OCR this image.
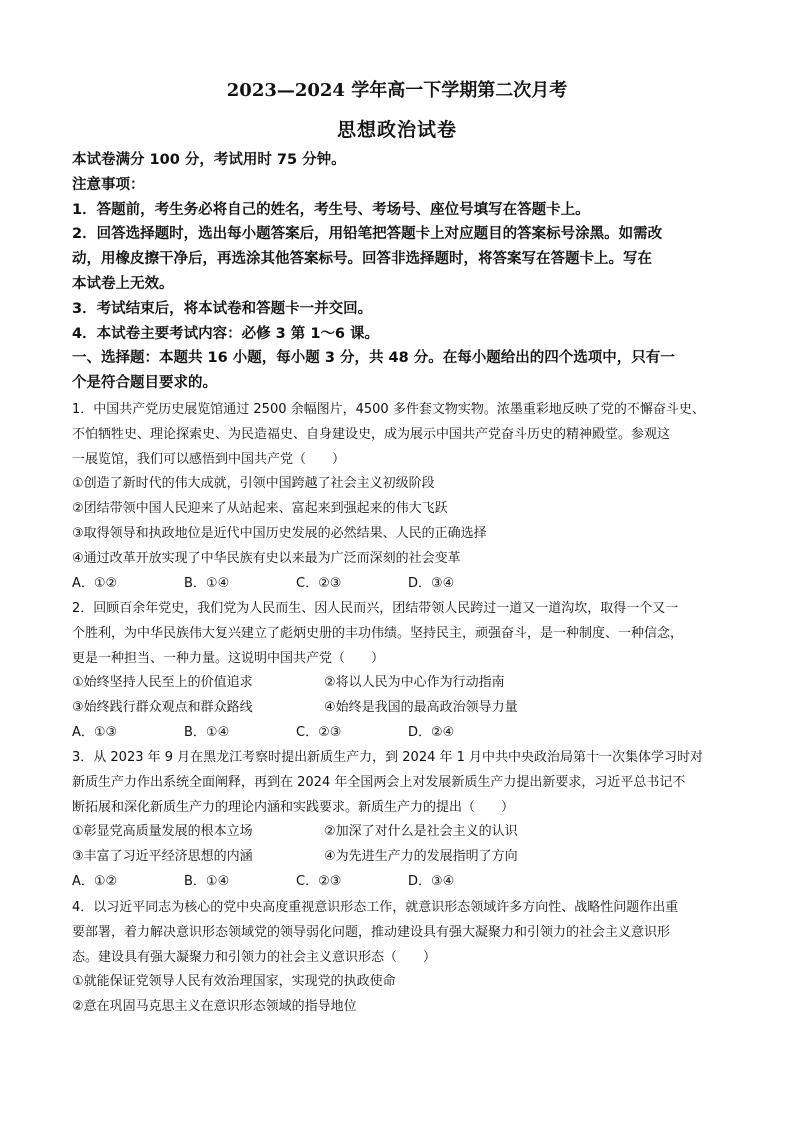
2023—2024 学年高一下学期第二次月考
思想政治试卷
本试卷满分 100 分，考试用时 75 分钟。
注意事项：
1．答题前，考生务必将自己的姓名，考生号、考场号、座位号填写在答题卡上。
2．回答选择题时，选出每小题答案后，用铅笔把答题卡上对应题目的答案标号涂黑。如需改
动，用橡皮擦干净后，再选涂其他答案标号。回答非选择题时，将答案写在答题卡上。写在
本试卷上无效。
3．考试结束后，将本试卷和答题卡一并交回。
4．本试卷主要考试内容：必修 3 第 1～6 课。
一、选择题：本题共 16 小题，每小题 3 分，共 48 分。在每小题给出的四个选项中，只有一
个是符合题目要求的。
1．中国共产党历史展览馆通过 2500 余幅图片，4500 多件套文物实物。浓墨重彩地反映了党的不懈奋斗史、
不怕牺牲史、理论探索史、为民造福史、自身建设史，成为展示中国共产党奋斗历史的精神殿堂。参观这
一展览馆，我们可以感悟到中国共产党（　　）
①创造了新时代的伟大成就，引领中国跨越了社会主义初级阶段
②团结带领中国人民迎来了从站起来、富起来到强起来的伟大飞跃
③取得领导和执政地位是近代中国历史发展的必然结果、人民的正确选择
④通过改革开放实现了中华民族有史以来最为广泛而深刻的社会变革
A．①②	B．①④	C．②③	D．③④
2．回顾百余年党史，我们党为人民而生、因人民而兴，团结带领人民跨过一道又一道沟坎，取得一个又一
个胜利，为中华民族伟大复兴建立了彪炳史册的丰功伟绩。坚持民主，顽强奋斗，是一种制度、一种信念，
更是一种担当、一种力量。这说明中国共产党（　　）
①始终坚持人民至上的价值追求	②将以人民为中心作为行动指南
③始终践行群众观点和群众路线	④始终是我国的最高政治领导力量
A．①③	B．①④	C．②③	D．②④
3．从 2023 年 9 月在黑龙江考察时提出新质生产力，到 2024 年 1 月中共中央政治局第十一次集体学习时对
新质生产力作出系统全面阐释，再到在 2024 年全国两会上对发展新质生产力提出新要求，习近平总书记不
断拓展和深化新质生产力的理论内涵和实践要求。新质生产力的提出（　　）
①彰显党高质量发展的根本立场	②加深了对什么是社会主义的认识
③丰富了习近平经济思想的内涵	④为先进生产力的发展指明了方向
A．①②	B．①④	C．②③	D．③④
4．以习近平同志为核心的党中央高度重视意识形态工作，就意识形态领域许多方向性、战略性问题作出重
要部署，着力解决意识形态领域党的领导弱化问题，推动建设具有强大凝聚力和引领力的社会主义意识形
态。建设具有强大凝聚力和引领力的社会主义意识形态（　　）
①就能保证党领导人民有效治理国家，实现党的执政使命
②意在巩固马克思主义在意识形态领域的指导地位
